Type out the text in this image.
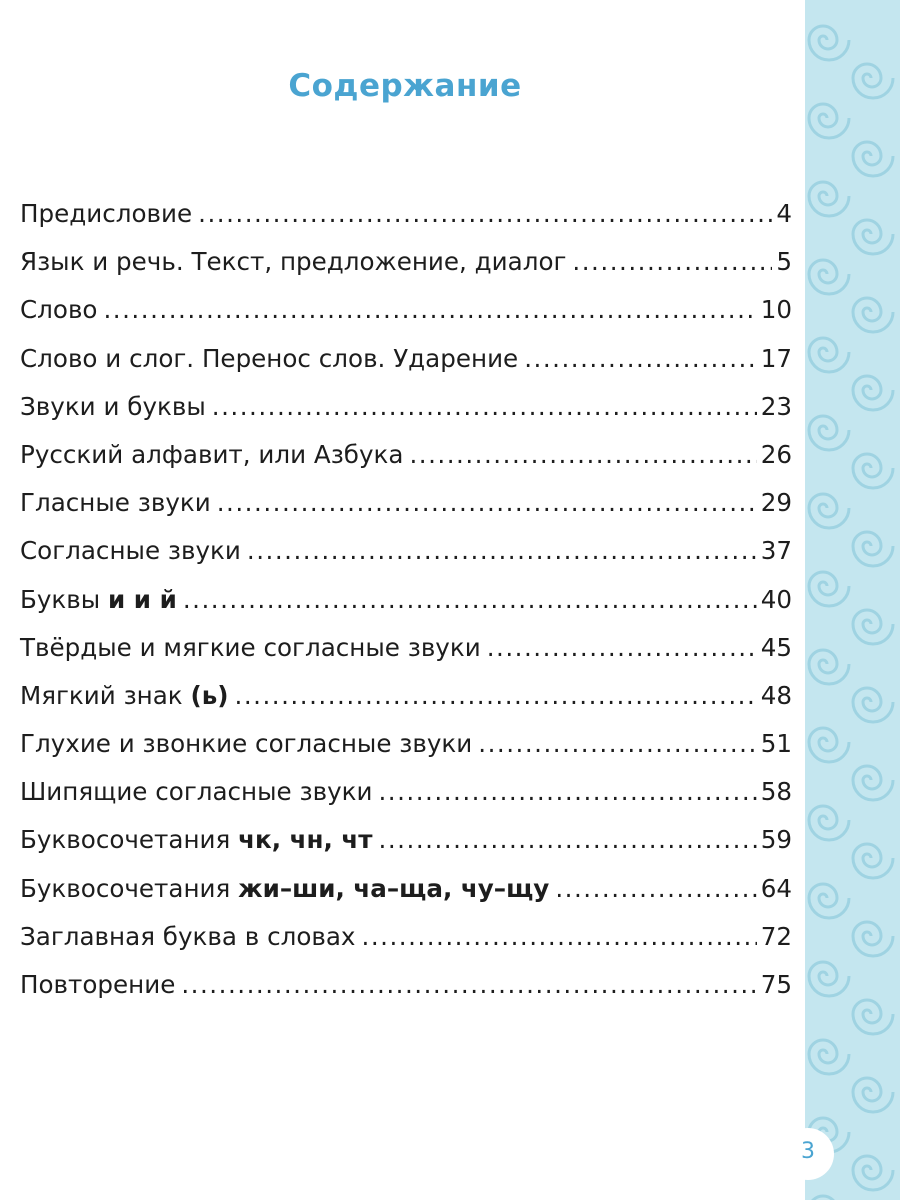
Содержание
Предисловие .....	4
Язык и речь. Текст, предложение, диалог .....	5
Слово .....	10
Слово и слог. Перенос слов. Ударение .....	17
Звуки и буквы .....	23
Русский алфавит, или Азбука .....	26
Гласные звуки .....	29
Согласные звуки .....	37
Буквы и и й .....	40
Твёрдые и мягкие согласные звуки .....	45
Мягкий знак (ь) .....	48
Глухие и звонкие согласные звуки .....	51
Шипящие согласные звуки .....	58
Буквосочетания чк, чн, чт .....	59
Буквосочетания жи–ши, ча–ща, чу–щу .....	64
Заглавная буква в словах .....	72
Повторение .....	75
3
